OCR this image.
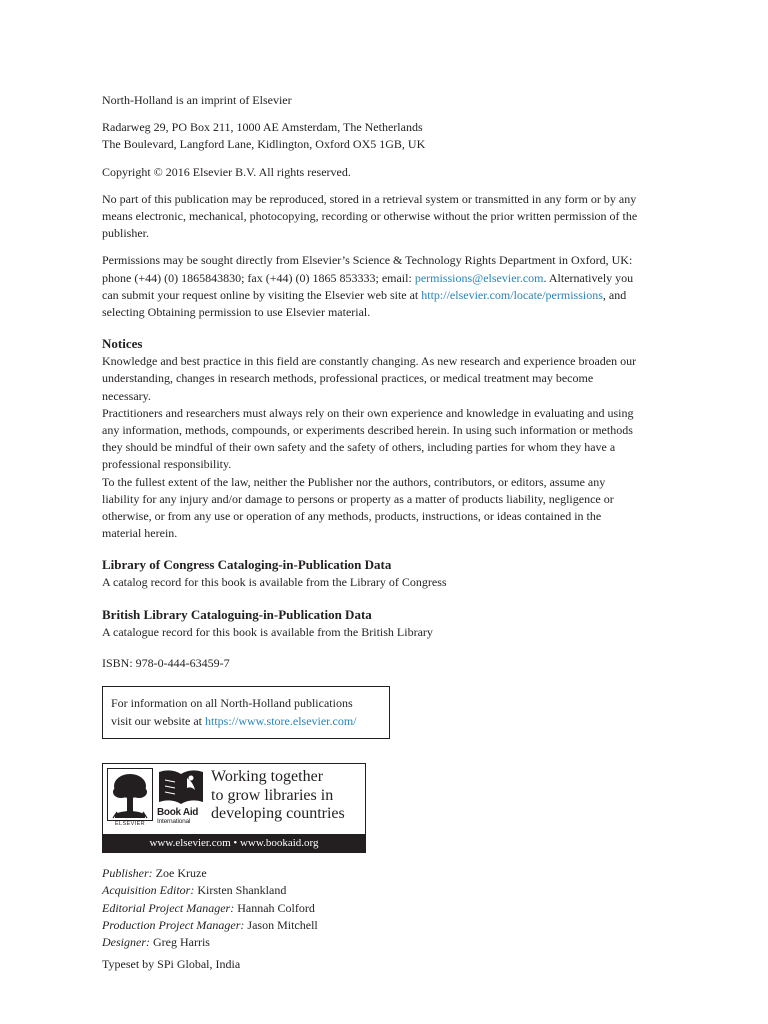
North-Holland is an imprint of Elsevier

Radarweg 29, PO Box 211, 1000 AE Amsterdam, The Netherlands

The Boulevard, Langford Lane, Kidlington, Oxford OX5 1GB, UK

Copyright © 2016 Elsevier B.V. All rights reserved.

No part of this publication may be reproduced, stored in a retrieval system or transmitted in any form or by any means electronic, mechanical, photocopying, recording or otherwise without the prior written permission of the publisher.

Permissions may be sought directly from Elsevier’s Science & Technology Rights Department in Oxford, UK: phone (+44) (0) 1865843830; fax (+44) (0) 1865 853333; email: permissions@elsevier.com. Alternatively you can submit your request online by visiting the Elsevier web site at http://elsevier.com/locate/permissions, and selecting Obtaining permission to use Elsevier material.

Notices

Knowledge and best practice in this field are constantly changing. As new research and experience broaden our understanding, changes in research methods, professional practices, or medical treatment may become necessary.

Practitioners and researchers must always rely on their own experience and knowledge in evaluating and using any information, methods, compounds, or experiments described herein. In using such information or methods they should be mindful of their own safety and the safety of others, including parties for whom they have a professional responsibility.

To the fullest extent of the law, neither the Publisher nor the authors, contributors, or editors, assume any liability for any injury and/or damage to persons or property as a matter of products liability, negligence or otherwise, or from any use or operation of any methods, products, instructions, or ideas contained in the material herein.

Library of Congress Cataloging-in-Publication Data

A catalog record for this book is available from the Library of Congress

British Library Cataloguing-in-Publication Data

A catalogue record for this book is available from the British Library

ISBN: 978-0-444-63459-7

For information on all North-Holland publications

visit our website at https://www.store.elsevier.com/

ELSEVIER
Book Aid
International
Working together
to grow libraries in
developing countries
www.elsevier.com • www.bookaid.org

Publisher: Zoe Kruze

Acquisition Editor: Kirsten Shankland

Editorial Project Manager: Hannah Colford

Production Project Manager: Jason Mitchell

Designer: Greg Harris

Typeset by SPi Global, India
